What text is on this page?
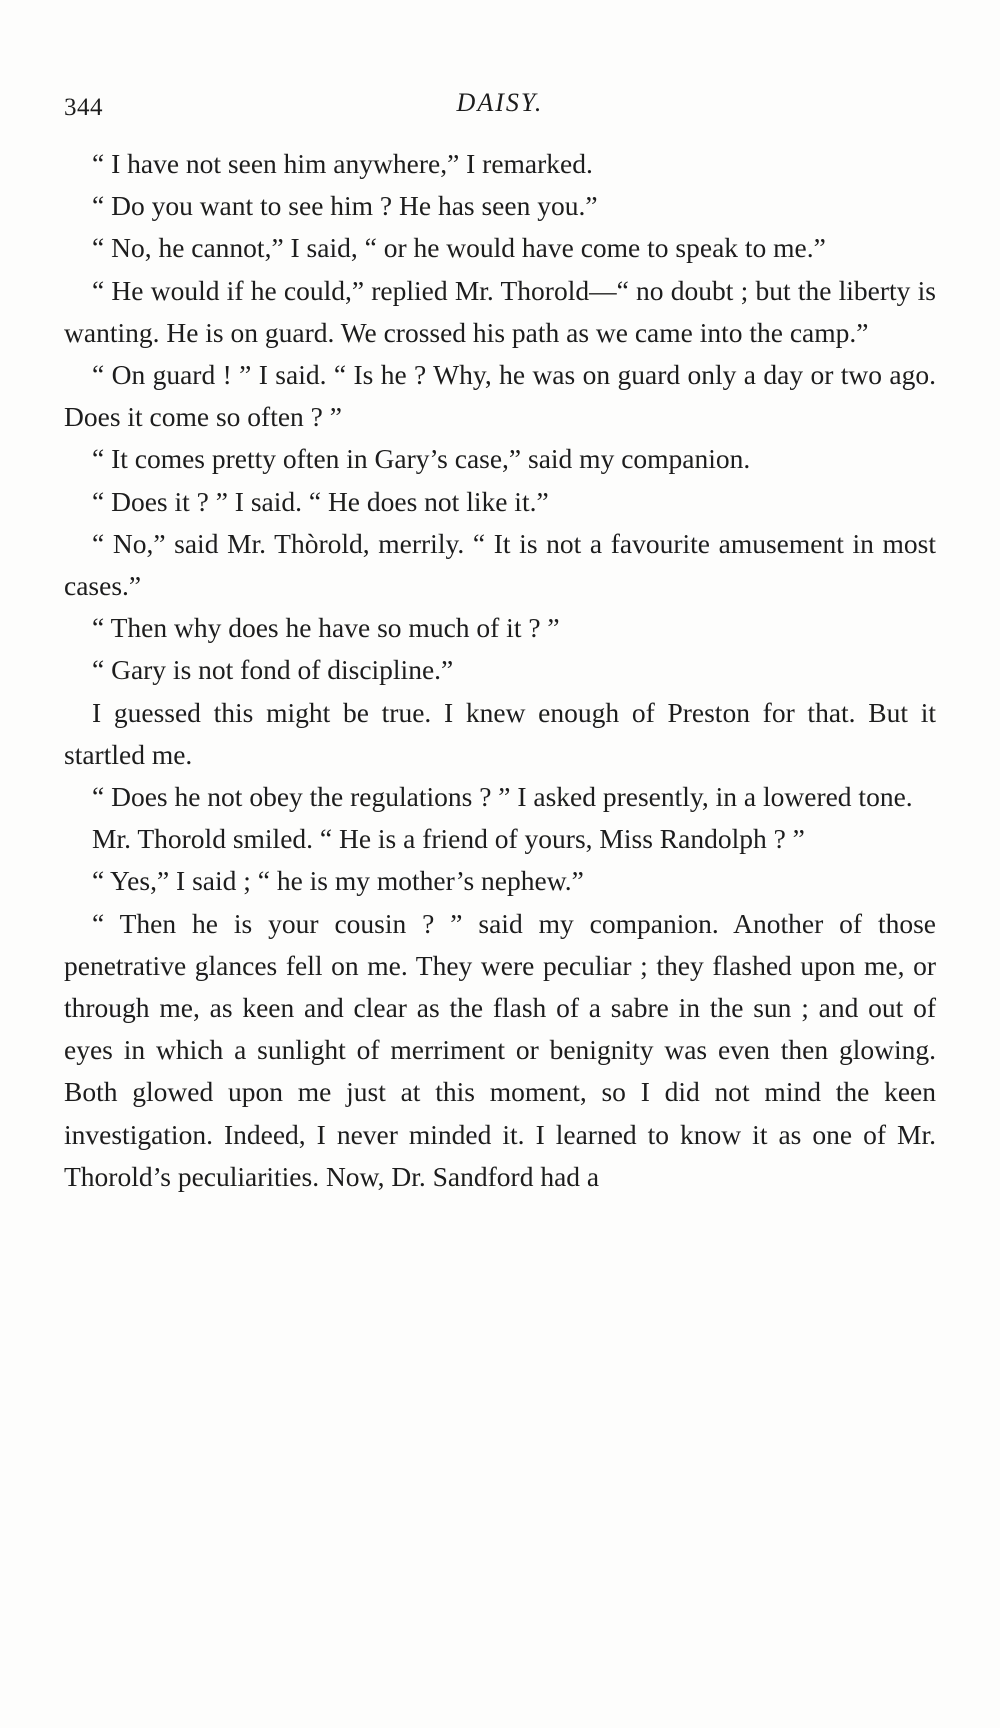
344	DAISY.

“ I have not seen him anywhere,” I remarked.

“ Do you want to see him ? He has seen you.”

“ No, he cannot,” I said, “ or he would have come to speak to me.”

“ He would if he could,” replied Mr. Thorold—“ no doubt ; but the liberty is wanting. He is on guard. We crossed his path as we came into the camp.”

“ On guard ! ” I said. “ Is he ? Why, he was on guard only a day or two ago. Does it come so often ? ”

“ It comes pretty often in Gary’s case,” said my companion.

“ Does it ? ” I said. “ He does not like it.”

“ No,” said Mr. Thòrold, merrily. “ It is not a favourite amusement in most cases.”

“ Then why does he have so much of it ? ”

“ Gary is not fond of discipline.”

I guessed this might be true. I knew enough of Preston for that. But it startled me.

“ Does he not obey the regulations ? ” I asked presently, in a lowered tone.

Mr. Thorold smiled. “ He is a friend of yours, Miss Randolph ? ”

“ Yes,” I said ; “ he is my mother’s nephew.”

“ Then he is your cousin ? ” said my companion. Another of those penetrative glances fell on me. They were peculiar ; they flashed upon me, or through me, as keen and clear as the flash of a sabre in the sun ; and out of eyes in which a sunlight of merriment or benignity was even then glowing. Both glowed upon me just at this moment, so I did not mind the keen investigation. Indeed, I never minded it. I learned to know it as one of Mr. Thorold’s peculiarities. Now, Dr. Sandford had a
